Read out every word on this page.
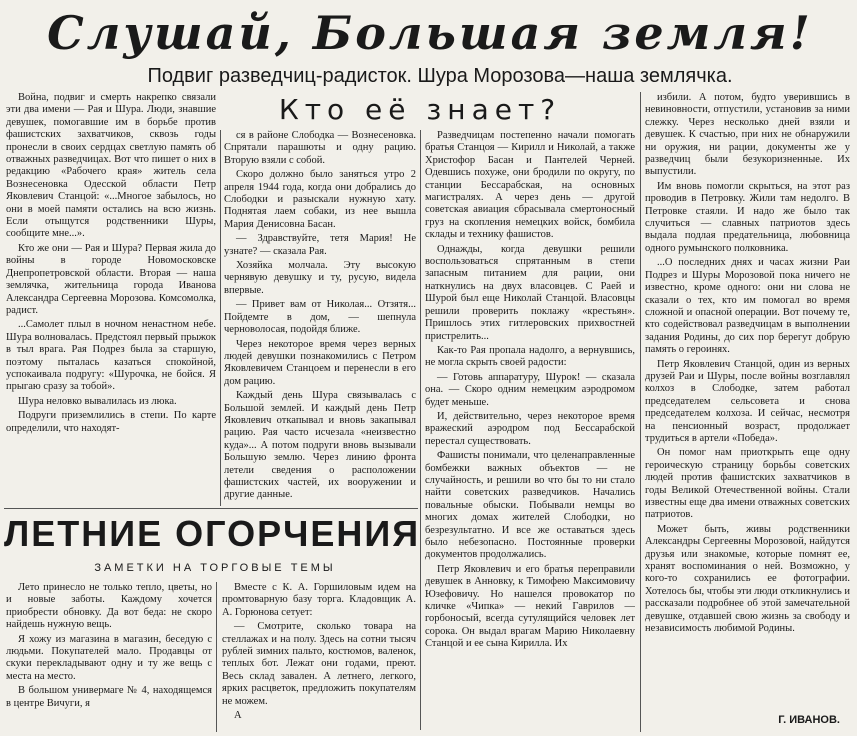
Слушай, Большая земля!
Подвиг разведчиц-радисток. Шура Морозова—наша землячка.
Кто её знает?

Война, подвиг и смерть накрепко связали эти два имени — Рая и Шура. Люди, знавшие девушек, помогавшие им в борьбе против фашистских захватчиков, сквозь годы пронесли в своих сердцах светлую память об отважных разведчицах. Вот что пишет о них в редакцию «Рабочего края» житель села Вознесеновка Одесской области Петр Яковлевич Станцой: «...Многое забылось, но они в моей памяти остались на всю жизнь. Если отыщутся родственники Шуры, сообщите мне...».

Кто же они — Рая и Шура? Первая жила до войны в городе Новомосковске Днепропетровской области. Вторая — наша землячка, жительница города Иванова Александра Сергеевна Морозова. Комсомолка, радист.

...Самолет плыл в ночном ненастном небе. Шура волновалась. Предстоял первый прыжок в тыл врага. Рая Подрез была за старшую, поэтому пыталась казаться спокойной, успокаивала подругу: «Шурочка, не бойся. Я прыгаю сразу за тобой».

Шура неловко вывалилась из люка.

Подруги приземлились в степи. По карте определили, что находят-

ся в районе Слободка — Вознесеновка. Спрятали парашюты и одну рацию. Вторую взяли с собой.

Скоро должно было заняться утро 2 апреля 1944 года, когда они добрались до Слободки и разыскали нужную хату. Поднятая лаем собаки, из нее вышла Мария Денисовна Басан.

— Здравствуйте, тетя Мария! Не узнате? — сказала Рая.

Хозяйка молчала. Эту высокую чернявую девушку и ту, русую, видела впервые.

— Привет вам от Николая... Отзятя... Пойдемте в дом, — шепнула черноволосая, подойдя ближе.

Через некоторое время через верных людей девушки познакомились с Петром Яковлевичем Станцоем и перенесли в его дом рацию.

Каждый день Шура связывалась с Большой землей. И каждый день Петр Яковлевич откапывал и вновь закапывал рацию. Рая часто исчезала «неизвестно куда»... А потом подруги вновь вызывали Большую землю. Через линию фронта летели сведения о расположении фашистских частей, их вооружении и другие данные.

Разведчицам постепенно начали помогать братья Станцоя — Кирилл и Николай, а также Христофор Басан и Пантелей Черней. Одевшись похуже, они бродили по округу, по станции Бессарабская, на основных магистралях. А через день — другой советская авиация сбрасывала смертоносный груз на скопления немецких войск, бомбила склады и технику фашистов.

Однажды, когда девушки решили воспользоваться спрятанным в степи запасным питанием для рации, они наткнулись на двух власовцев. С Раей и Шурой был еще Николай Станцой. Власовцы решили проверить поклажу «крестьян». Пришлось этих гитлеровских прихвостней пристрелить...

Как-то Рая пропала надолго, а вернувшись, не могла скрыть своей радости:

— Готовь аппаратуру, Шурок! — сказала она. — Скоро одним немецким аэродромом будет меньше.

И, действительно, через некоторое время вражеский аэродром под Бессарабской перестал существовать.

Фашисты понимали, что целенаправленные бомбежки важных объектов — не случайность, и решили во что бы то ни стало найти советских разведчиков. Начались повальные обыски. Побывали немцы во многих домах жителей Слободки, но безрезультатно. И все же оставаться здесь было небезопасно. Постоянные проверки документов продолжались.

Петр Яковлевич и его братья переправили девушек в Анновку, к Тимофею Максимовичу Юзефовичу. Но нашелся провокатор по кличке «Чипка» — некий Гаврилов — горбоносый, всегда сутулящийся человек лет сорока. Он выдал врагам Марию Николаевну Станцой и ее сына Кирилла. Их

избили. А потом, будто уверившись в невиновности, отпустили, установив за ними слежку. Через несколько дней взяли и девушек. К счастью, при них не обнаружили ни оружия, ни рации, документы же у разведчиц были безукоризненные. Их выпустили.

Им вновь помогли скрыться, на этот раз проводив в Петровку. Жили там недолго. В Петровке стаяли. И надо же было так случиться — славных патриотов здесь выдала подлая предательница, любовница одного румынского полковника.

...О последних днях и часах жизни Раи Подрез и Шуры Морозовой пока ничего не известно, кроме одного: они ни слова не сказали о тех, кто им помогал во время сложной и опасной операции. Вот почему те, кто содействовал разведчицам в выполнении задания Родины, до сих пор берегут добрую память о героинях.

Петр Яковлевич Станцой, один из верных друзей Раи и Шуры, после войны возглавлял колхоз в Слободке, затем работал председателем сельсовета и снова председателем колхоза. И сейчас, несмотря на пенсионный возраст, продолжает трудиться в артели «Победа».

Он помог нам приоткрыть еще одну героическую страницу борьбы советских людей против фашистских захватчиков в годы Великой Отечественной войны. Стали известны еще два имени отважных советских патриотов.

Может быть, живы родственники Александры Сергеевны Морозовой, найдутся друзья или знакомые, которые помнят ее, хранят воспоминания о ней. Возможно, у кого-то сохранились ее фотографии. Хотелось бы, чтобы эти люди откликнулись и рассказали подробнее об этой замечательной девушке, отдавшей свою жизнь за свободу и независимость любимой Родины.

Г. ИВАНОВ.
ЛЕТНИЕ ОГОРЧЕНИЯ
ЗАМЕТКИ НА ТОРГОВЫЕ ТЕМЫ

Лето принесло не только тепло, цветы, но и новые заботы. Каждому хочется приобрести обновку. Да вот беда: не скоро найдешь нужную вещь.

Я хожу из магазина в магазин, беседую с людьми. Покупателей мало. Продавцы от скуки перекладывают одну и ту же вещь с места на место.

В большом универмаге № 4, находящемся в центре Вичуги, я

Вместе с К. А. Горшиловым идем на промтоварную базу торга. Кладовщик А. А. Горюнова сетует:

— Смотрите, сколько товара на стеллажах и на полу. Здесь на сотни тысяч рублей зимних пальто, костюмов, валенок, теплых бот. Лежат они годами, преют. Весь склад завален. А летнего, легкого, ярких расцветок, предложить покупателям не можем.

А
